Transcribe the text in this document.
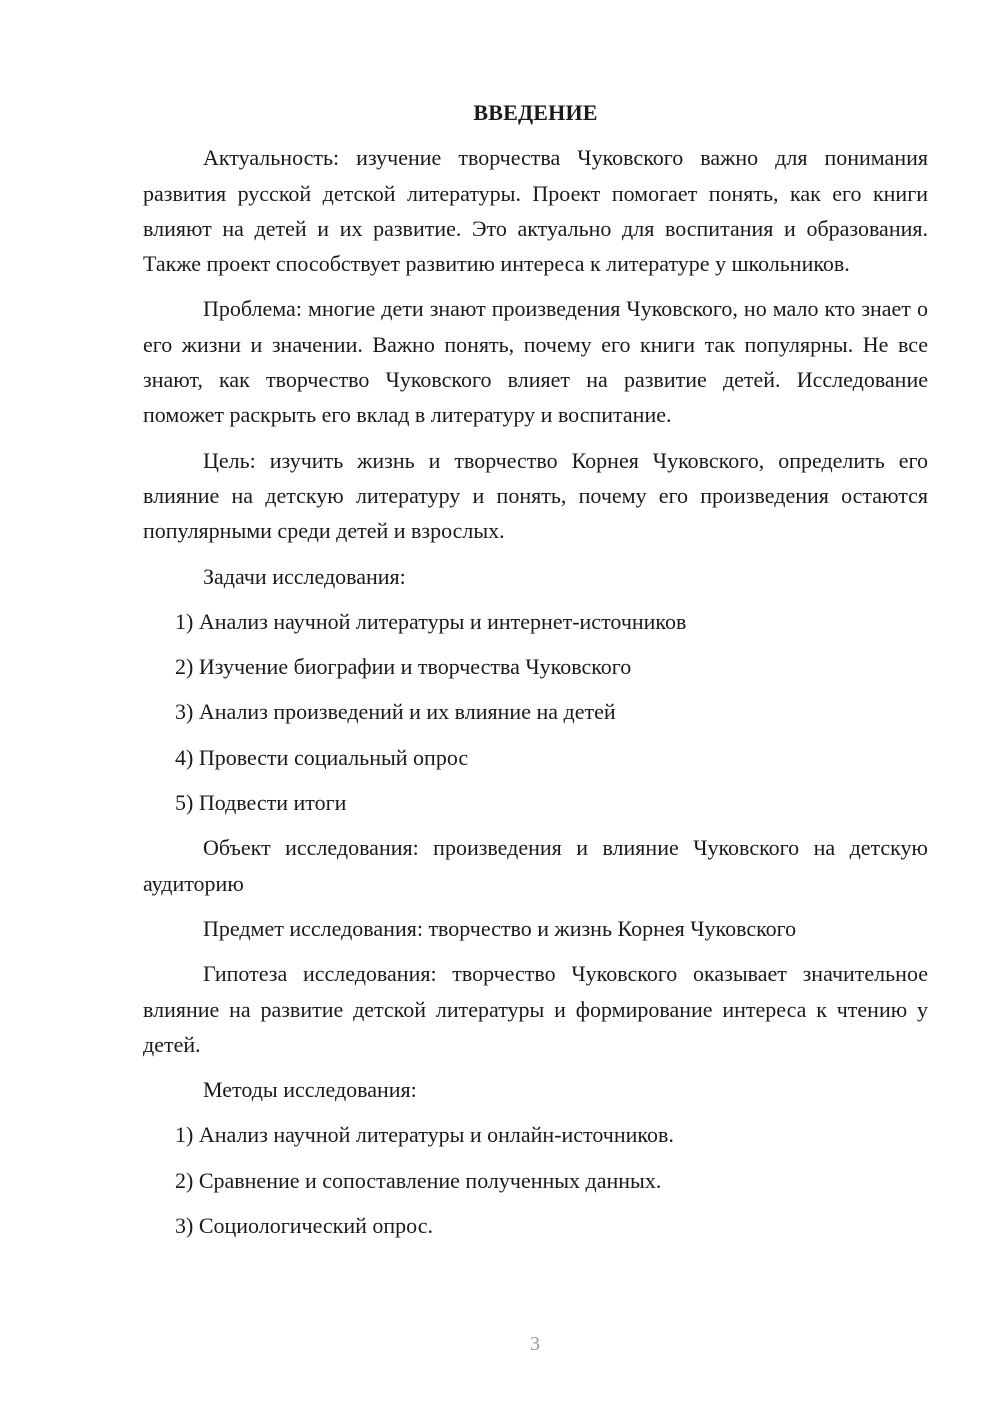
ВВЕДЕНИЕ

Актуальность: изучение творчества Чуковского важно для понимания развития русской детской литературы. Проект помогает понять, как его книги влияют на детей и их развитие. Это актуально для воспитания и образования. Также проект способствует развитию интереса к литературе у школьников.

Проблема: многие дети знают произведения Чуковского, но мало кто знает о его жизни и значении. Важно понять, почему его книги так популярны. Не все знают, как творчество Чуковского влияет на развитие детей. Исследование поможет раскрыть его вклад в литературу и воспитание.

Цель: изучить жизнь и творчество Корнея Чуковского, определить его влияние на детскую литературу и понять, почему его произведения остаются популярными среди детей и взрослых.

Задачи исследования:

1) Анализ научной литературы и интернет-источников
2) Изучение биографии и творчества Чуковского
3) Анализ произведений и их влияние на детей
4) Провести социальный опрос
5) Подвести итоги

Объект исследования: произведения и влияние Чуковского на детскую аудиторию

Предмет исследования: творчество и жизнь Корнея Чуковского

Гипотеза исследования: творчество Чуковского оказывает значительное влияние на развитие детской литературы и формирование интереса к чтению у детей.

Методы исследования:

1) Анализ научной литературы и онлайн-источников.
2) Сравнение и сопоставление полученных данных.
3) Социологический опрос.
3
